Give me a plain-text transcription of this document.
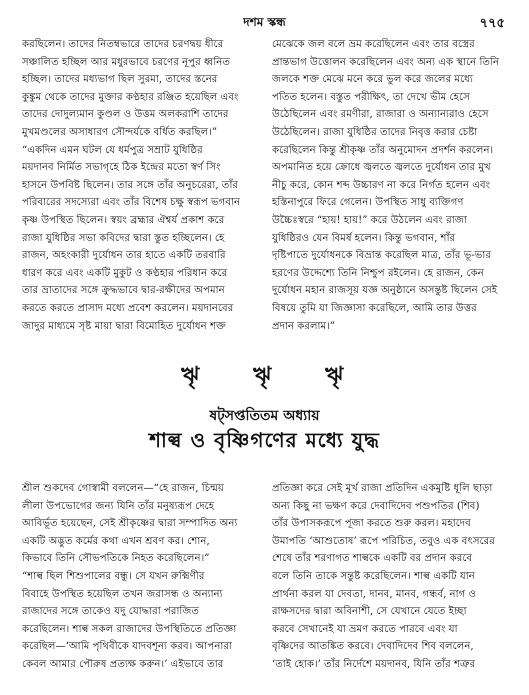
দশম স্কন্ধ	৭৭৫
করছিলেন। তাদের নিতম্বভারে তাদের চরণদ্বয় ধীরে
সঞ্চালিত হচ্ছিল আর মধুরভাবে চরণের নূপুর ধ্বনিত
হচ্ছিল। তাদের মধ্যভাগ ছিল সুরমা, তাদের স্তনের
কুঙ্কুম থেকে তাদের মুক্তার কণ্ঠহার রঞ্জিত হয়েছিল এবং
তাদের দোদুল্যমান কুণ্ডল ও উত্তম অলকরাশি তাদের
মুখমণ্ডলের অসাধারণ সৌন্দর্যকে বর্ধিত করছিল।”
“একদিন এমন ঘটল যে ধর্মপুত্র সম্রাট যুধিষ্ঠির
ময়দানব নির্মিত সভাগৃহে ঠিক ইন্দ্রের মতো স্বর্ণ সিং
হাসনে উপবিষ্ট ছিলেন। তার সঙ্গে তাঁর অনুচরেরা, তাঁর
পরিবারের সদস্যেরা এবং তাঁর বিশেষ চক্ষু স্বরূপ ভগবান
কৃষ্ণ উপস্থিত ছিলেন। স্বয়ং ব্রহ্মার ঐশ্বর্য প্রকাশ করে
রাজা যুধিষ্ঠির সভা কবিদের দ্বারা স্তুত হচ্ছিলেন। হে
রাজন, অহংকারী দুর্যোধন তার হাতে একটি তরবারি
ধারণ করে এবং একটি মুকুট ও কণ্ঠহার পরিধান করে
তার ভ্রাতাদের সঙ্গে ক্রুদ্ধভাবে দ্বার-রক্ষীদের অপমান
করতে করতে প্রাসাদ মধ্যে প্রবেশ করলেন। ময়দানবের
জাদুর মাধ্যমে সৃষ্ট মায়া দ্বারা বিমোহিত দুর্যোধন শক্ত
মেঝেকে জল বলে ভ্রম করেছিলেন এবং তার বস্ত্রের
প্রান্তভাগ উত্তোলন করেছিলেন এবং অন্য এক স্থানে তিনি
জলকে শক্ত মেঝে মনে করে ভুল করে জলের মধ্যে
পতিত হলেন। বস্তুত পরীক্ষিৎ, তা দেখে ভীম হেসে
উঠেছিলেন এবং রমণীরা, রাজারা ও অন্যান্যরাও হেসে
উঠেছিলেন। রাজা যুধিষ্ঠির তাদের নিবৃত্ত করার চেষ্টা
করেছিলেন কিন্তু শ্রীকৃষ্ণ তাঁর অনুমোদন প্রদর্শন করলেন।
অপমানিত হয়ে ক্রোধে জ্বলতে জ্বলতে দুর্যোধন তার মুখ
নীচু করে, কোন শব্দ উচ্চারণ না করে নির্গত হলেন এবং
হস্তিনাপুরে ফিরে গেলেন। উপস্থিত সাধু ব্যক্তিগণ
উচ্চৈঃস্বরে “হায়! হায়!” করে উঠলেন এবং রাজা
যুধিষ্ঠিরও যেন বিমর্ষ হলেন। কিন্তু ভগবান, শাঁর
দৃষ্টিপাতে দুর্যোধনকে বিভ্রান্ত করেছিল মাত্র, তাঁর ভূ-ভার
হরণের উদ্দেশ্যে তিনি নিশ্চুপ রইলেন। হে রাজন, কেন
দুর্যোধন মহান রাজসূয় যজ্ঞ অনুষ্ঠানে অসন্তুষ্ট ছিলেন সেই
বিষয়ে তুমি যা জিজ্ঞাসা করেছিলে, আমি তার উত্তর
প্রদান করলাম।”
ৠ ৠ ৠ
ষট্‌সপ্ততিতম অধ্যায়
শাল্ব ও বৃষ্ণিগণের মধ্যে যুদ্ধ
শ্রীল শুকদেব গোস্বামী বললেন—“হে রাজন, চিন্ময়
লীলা উপভোগের জন্য যিনি তাঁর মনুষ্যরূপ দেহে
আবির্ভূত হয়েছেন, সেই শ্রীকৃষ্ণের দ্বারা সম্পাদিত অন্য
একটি অদ্ভুত কর্মের কথা এখন শ্রবণ কর। শোন,
কিভাবে তিনি সৌভপতিকে নিহত করেছিলেন।”
“শাল্ব ছিল শিশুপালের বন্ধু। সে যখন রুক্মিণীর
বিবাহে উপস্থিত হয়েছিল তখন জরাসন্ধ ও অন্যান্য
রাজাদের সঙ্গে তাকেও যদু যোদ্ধারা পরাজিত
করেছিলেন। শাল্ব সকল রাজাদের উপস্থিতিতে প্রতিজ্ঞা
করেছিল—‘আমি পৃথিবীকে যাদবশূন্য করব। আপনারা
কেবল আমার পৌরুষ প্রত্যক্ষ করুন।’ এইভাবে তার
প্রতিজ্ঞা করে সেই মূর্খ রাজা প্রতিদিন একমুষ্টি ধূলি ছাড়া
অন্য কিছু না ভক্ষণ করে দেবাদিদেব পশুপতির (শিব)
তাঁর উপাসকরূপে পূজা করতে শুরু করল। মহাদেব
উমাপতি ‘আশুতোষ’ রূপে পরিচিত, তবুও এক বৎসরের
শেষে তাঁর শরণাগত শাল্বকে একটি বর প্রদান করবে
বলে তিনি তাকে সন্তুষ্ট করেছিলেন। শাল্ব একটি যান
প্রার্থনা করল যা দেবতা, দানব, মানব, গন্ধর্ব, নাগ ও
রাক্ষসদের দ্বারা অবিনাশী, সে যেখানে যেতে ইচ্ছা
করবে সেখানেই যা ভ্রমণ করতে পারবে এবং যা
বৃষ্ণিদের আতঙ্কিত করবে। দেবাদিদেব শিব বললেন,
‘তাই হোক।’ তাঁর নির্দেশে ময়দানব, যিনি তাঁর শত্রুর
